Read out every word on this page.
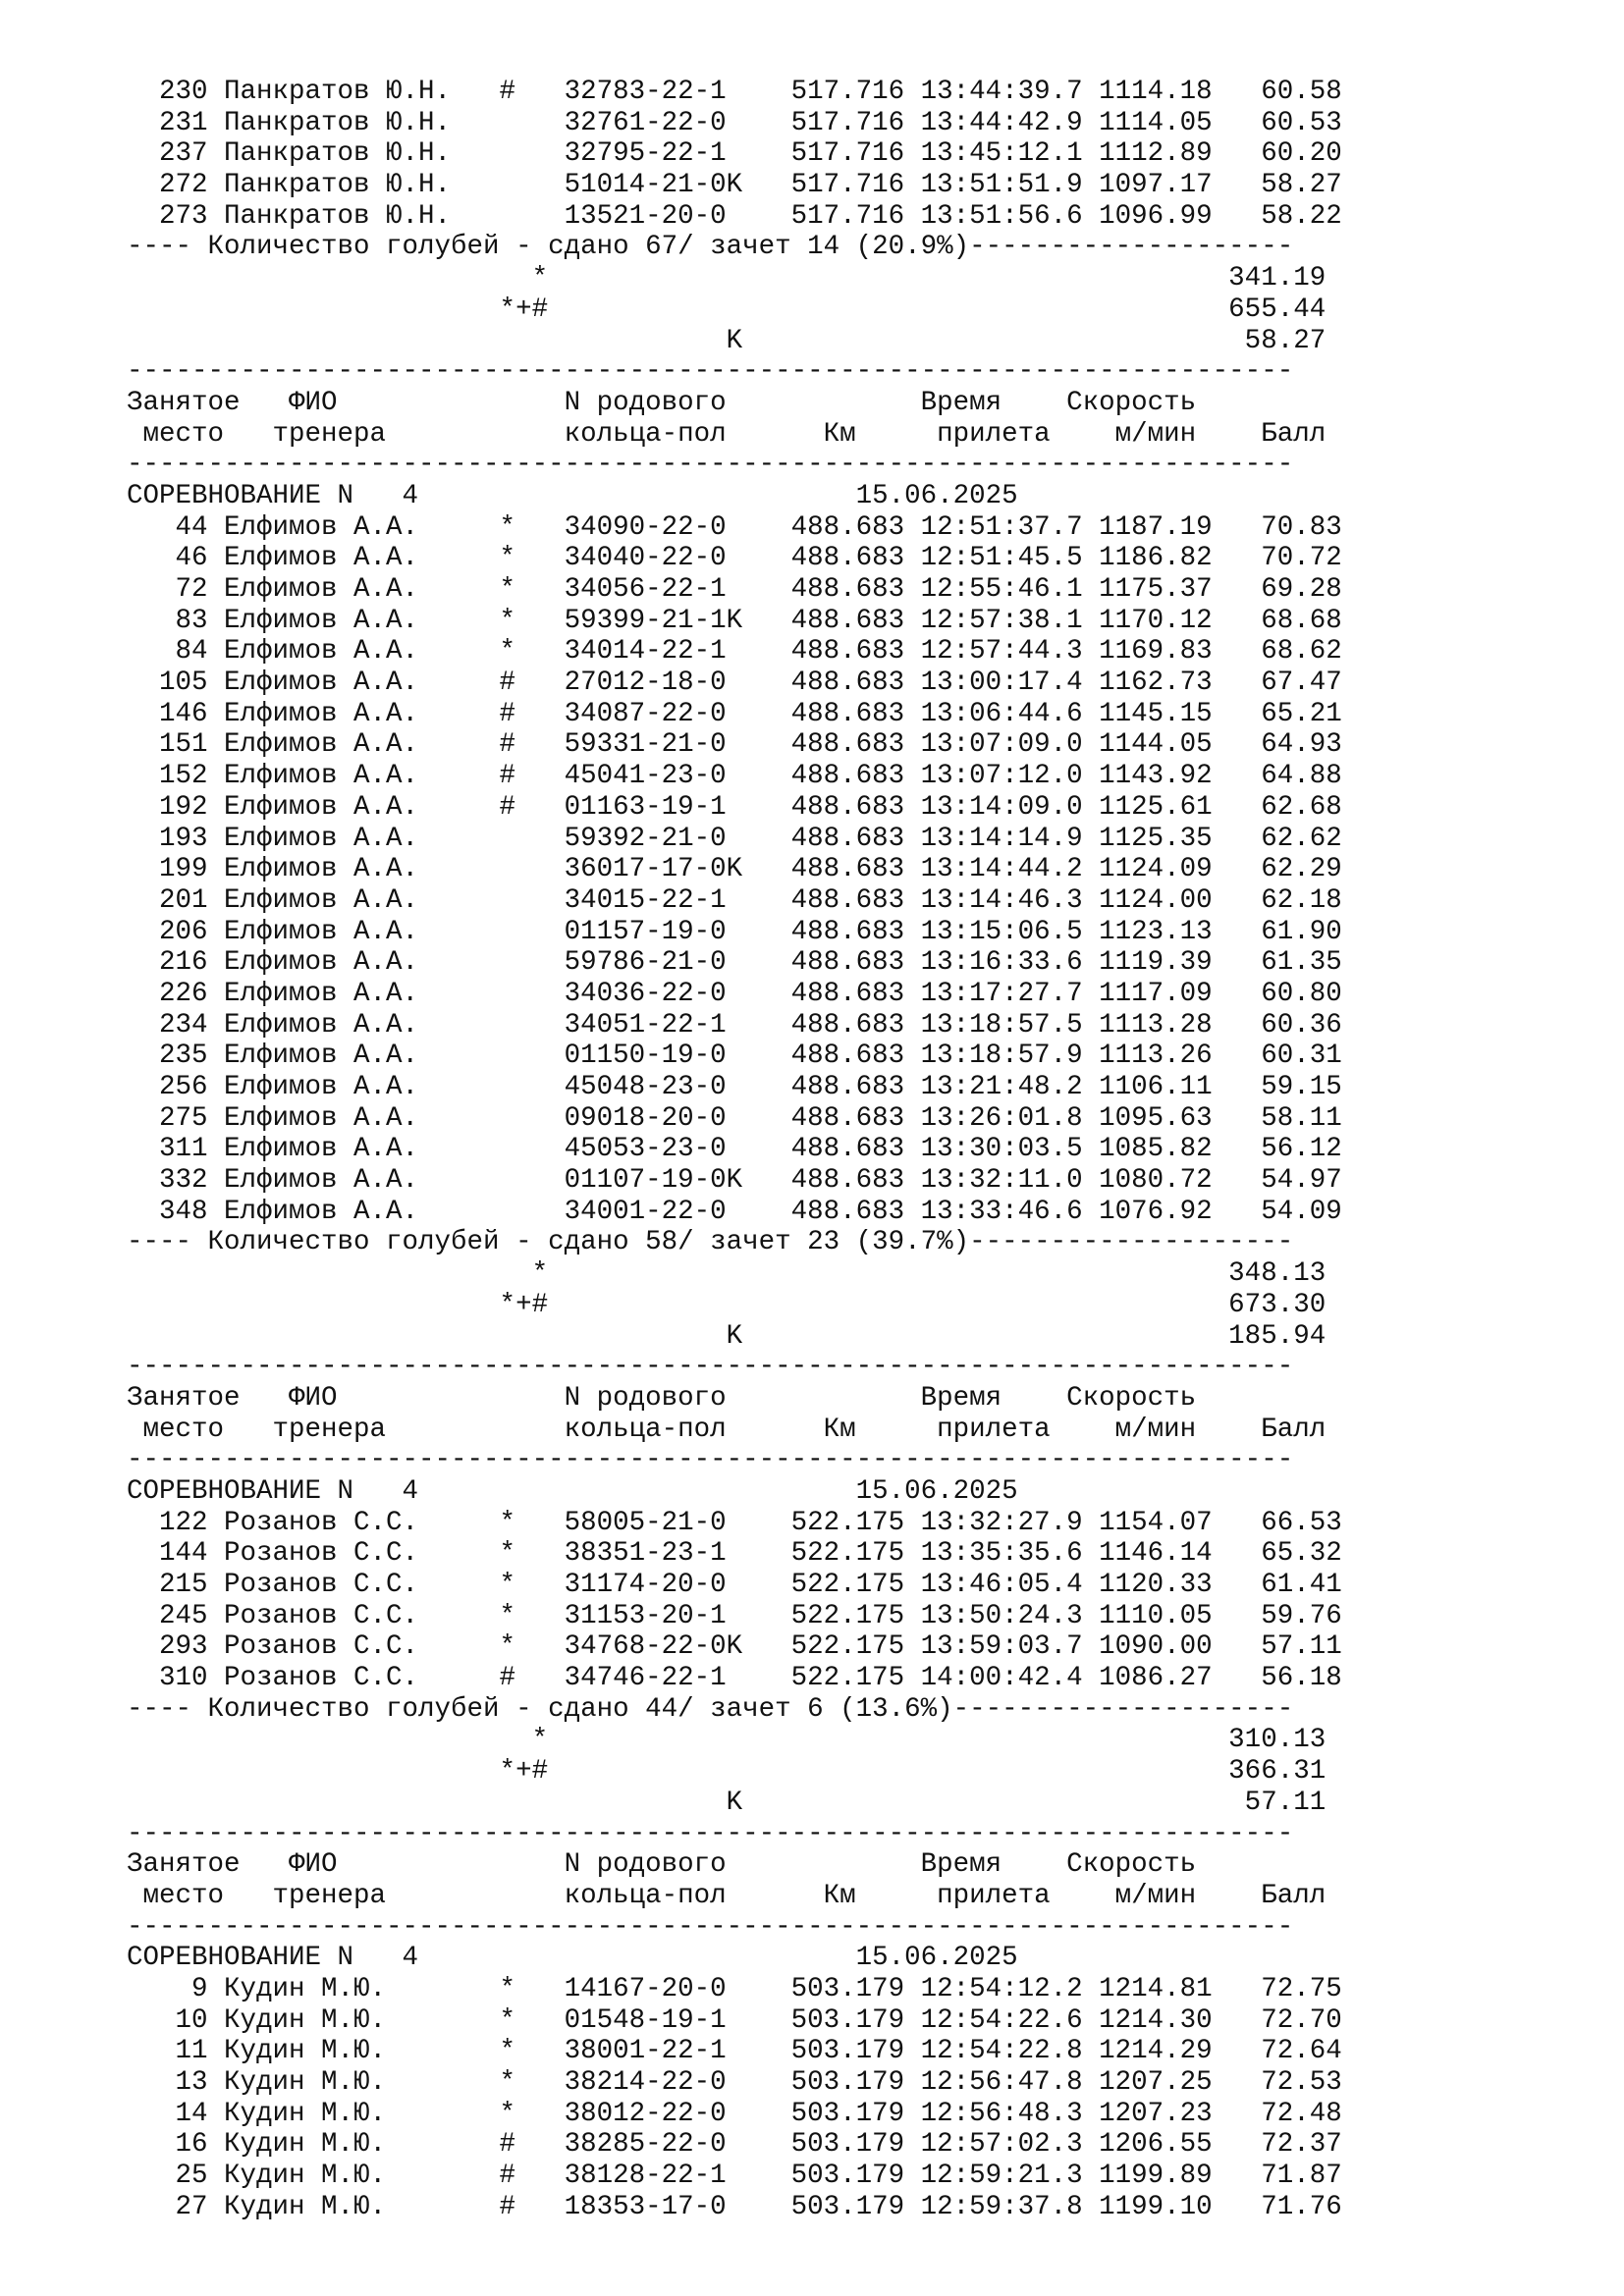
230 Панкратов Ю.Н.   #   32783-22-1    517.716 13:44:39.7 1114.18   60.58
231 Панкратов Ю.Н.       32761-22-0    517.716 13:44:42.9 1114.05   60.53
237 Панкратов Ю.Н.       32795-22-1    517.716 13:45:12.1 1112.89   60.20
272 Панкратов Ю.Н.       51014-21-0K   517.716 13:51:51.9 1097.17   58.27
273 Панкратов Ю.Н.       13521-20-0    517.716 13:51:56.6 1096.99   58.22
---- Количество голубей - сдано 67/ зачет 14 (20.9%)--------------------
*                                          341.19
*+#                                          655.44
K                               58.27
------------------------------------------------------------------------
Занятое   ФИО              N родового            Время    Скорость
место   тренера           кольца-пол      Км     прилета    м/мин    Балл
------------------------------------------------------------------------
СОРЕВНОВАНИЕ N   4                           15.06.2025
44 Елфимов А.А.     *   34090-22-0    488.683 12:51:37.7 1187.19   70.83
46 Елфимов А.А.     *   34040-22-0    488.683 12:51:45.5 1186.82   70.72
72 Елфимов А.А.     *   34056-22-1    488.683 12:55:46.1 1175.37   69.28
83 Елфимов А.А.     *   59399-21-1K   488.683 12:57:38.1 1170.12   68.68
84 Елфимов А.А.     *   34014-22-1    488.683 12:57:44.3 1169.83   68.62
105 Елфимов А.А.     #   27012-18-0    488.683 13:00:17.4 1162.73   67.47
146 Елфимов А.А.     #   34087-22-0    488.683 13:06:44.6 1145.15   65.21
151 Елфимов А.А.     #   59331-21-0    488.683 13:07:09.0 1144.05   64.93
152 Елфимов А.А.     #   45041-23-0    488.683 13:07:12.0 1143.92   64.88
192 Елфимов А.А.     #   01163-19-1    488.683 13:14:09.0 1125.61   62.68
193 Елфимов А.А.         59392-21-0    488.683 13:14:14.9 1125.35   62.62
199 Елфимов А.А.         36017-17-0K   488.683 13:14:44.2 1124.09   62.29
201 Елфимов А.А.         34015-22-1    488.683 13:14:46.3 1124.00   62.18
206 Елфимов А.А.         01157-19-0    488.683 13:15:06.5 1123.13   61.90
216 Елфимов А.А.         59786-21-0    488.683 13:16:33.6 1119.39   61.35
226 Елфимов А.А.         34036-22-0    488.683 13:17:27.7 1117.09   60.80
234 Елфимов А.А.         34051-22-1    488.683 13:18:57.5 1113.28   60.36
235 Елфимов А.А.         01150-19-0    488.683 13:18:57.9 1113.26   60.31
256 Елфимов А.А.         45048-23-0    488.683 13:21:48.2 1106.11   59.15
275 Елфимов А.А.         09018-20-0    488.683 13:26:01.8 1095.63   58.11
311 Елфимов А.А.         45053-23-0    488.683 13:30:03.5 1085.82   56.12
332 Елфимов А.А.         01107-19-0K   488.683 13:32:11.0 1080.72   54.97
348 Елфимов А.А.         34001-22-0    488.683 13:33:46.6 1076.92   54.09
---- Количество голубей - сдано 58/ зачет 23 (39.7%)--------------------
*                                          348.13
*+#                                          673.30
K                              185.94
------------------------------------------------------------------------
Занятое   ФИО              N родового            Время    Скорость
место   тренера           кольца-пол      Км     прилета    м/мин    Балл
------------------------------------------------------------------------
СОРЕВНОВАНИЕ N   4                           15.06.2025
122 Розанов С.С.     *   58005-21-0    522.175 13:32:27.9 1154.07   66.53
144 Розанов С.С.     *   38351-23-1    522.175 13:35:35.6 1146.14   65.32
215 Розанов С.С.     *   31174-20-0    522.175 13:46:05.4 1120.33   61.41
245 Розанов С.С.     *   31153-20-1    522.175 13:50:24.3 1110.05   59.76
293 Розанов С.С.     *   34768-22-0K   522.175 13:59:03.7 1090.00   57.11
310 Розанов С.С.     #   34746-22-1    522.175 14:00:42.4 1086.27   56.18
---- Количество голубей - сдано 44/ зачет 6 (13.6%)---------------------
*                                          310.13
*+#                                          366.31
K                               57.11
------------------------------------------------------------------------
Занятое   ФИО              N родового            Время    Скорость
место   тренера           кольца-пол      Км     прилета    м/мин    Балл
------------------------------------------------------------------------
СОРЕВНОВАНИЕ N   4                           15.06.2025
9 Кудин М.Ю.       *   14167-20-0    503.179 12:54:12.2 1214.81   72.75
10 Кудин М.Ю.       *   01548-19-1    503.179 12:54:22.6 1214.30   72.70
11 Кудин М.Ю.       *   38001-22-1    503.179 12:54:22.8 1214.29   72.64
13 Кудин М.Ю.       *   38214-22-0    503.179 12:56:47.8 1207.25   72.53
14 Кудин М.Ю.       *   38012-22-0    503.179 12:56:48.3 1207.23   72.48
16 Кудин М.Ю.       #   38285-22-0    503.179 12:57:02.3 1206.55   72.37
25 Кудин М.Ю.       #   38128-22-1    503.179 12:59:21.3 1199.89   71.87
27 Кудин М.Ю.       #   18353-17-0    503.179 12:59:37.8 1199.10   71.76
